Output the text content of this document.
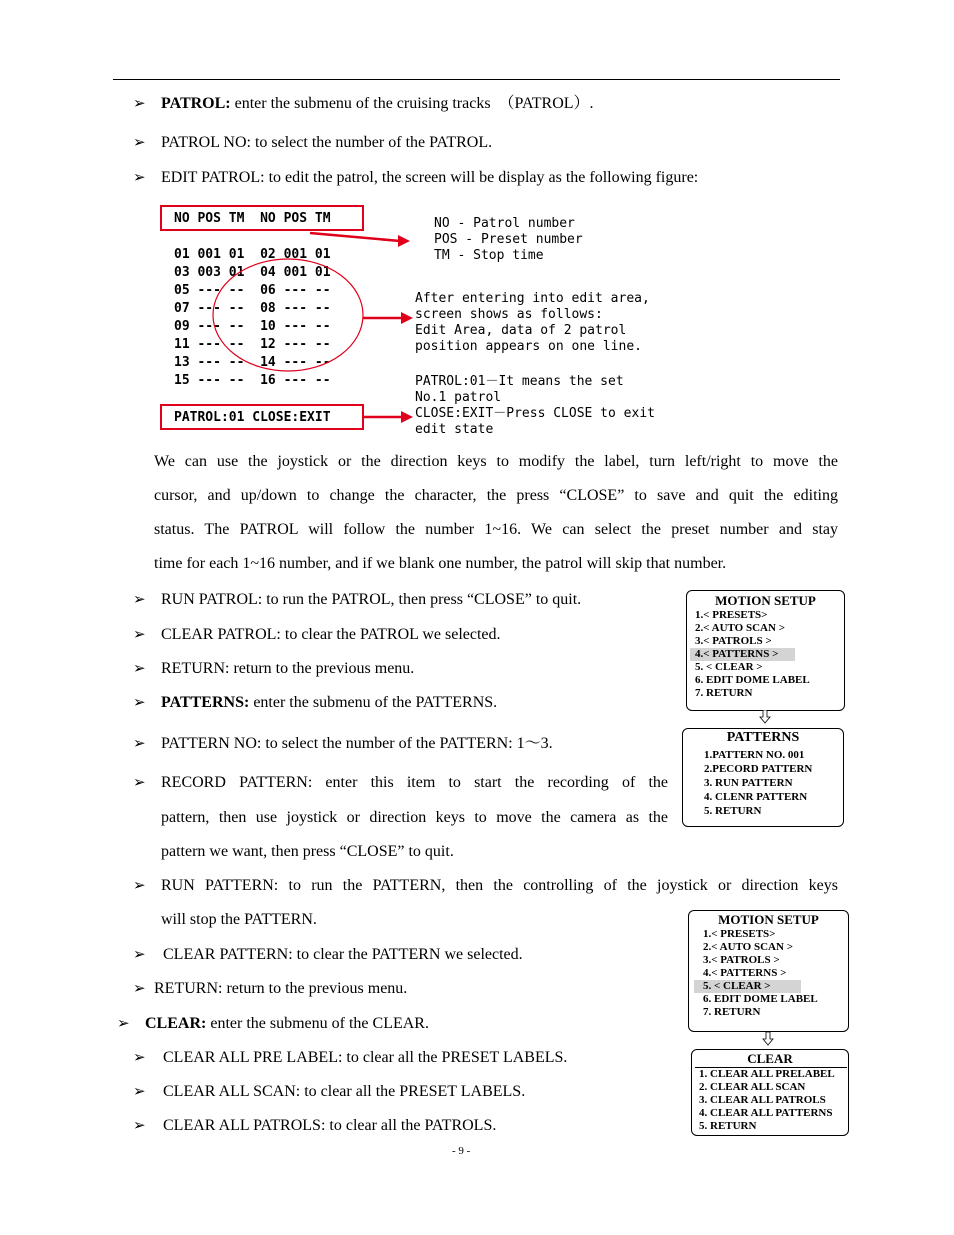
➢ PATROL: enter the submenu of the cruising tracks　（PATROL）.
➢ PATROL NO: to select the number of the PATROL.
➢ EDIT PATROL: to edit the patrol, the screen will be display as the following figure:
NO POS TM  NO POS TM
01 001 01  02 001 01
03 003 01  04 001 01
05 --- --  06 --- --
07 --- --  08 --- --
09 --- --  10 --- --
11 --- --  12 --- --
13 --- --  14 --- --
15 --- --  16 --- --
PATROL:01 CLOSE:EXIT
NO - Patrol number
POS - Preset number
TM - Stop time
After entering into edit area,
screen shows as follows:
Edit Area, data of 2 patrol
position appears on one line.
PATROL:01－It means the set
No.1 patrol
CLOSE:EXIT－Press CLOSE to exit
edit state
We can use the joystick or the direction keys to modify the label, turn left/right to move the
cursor, and up/down to change the character, the press “CLOSE” to save and quit the editing
status. The PATROL will follow the number 1~16. We can select the preset number and stay
time for each 1~16 number, and if we blank one number, the patrol will skip that number.
➢ RUN PATROL: to run the PATROL, then press “CLOSE” to quit.
➢ CLEAR PATROL: to clear the PATROL we selected.
➢ RETURN: return to the previous menu.
➢ PATTERNS: enter the submenu of the PATTERNS.
➢ PATTERN NO: to select the number of the PATTERN: 1～3.
➢ RECORD PATTERN: enter this item to start the recording of the
pattern, then use joystick or direction keys to move the camera as the
pattern we want, then press “CLOSE” to quit.
➢ RUN PATTERN: to run the PATTERN, then the controlling of the joystick or direction keys
will stop the PATTERN.
➢ CLEAR PATTERN: to clear the PATTERN we selected.
➢ RETURN: return to the previous menu.
➢ CLEAR: enter the submenu of the CLEAR.
➢ CLEAR ALL PRE LABEL: to clear all the PRESET LABELS.
➢ CLEAR ALL SCAN: to clear all the PRESET LABELS.
➢ CLEAR ALL PATROLS: to clear all the PATROLS.
MOTION SETUP
1.< PRESETS>
2.< AUTO SCAN >
3.< PATROLS >
4.< PATTERNS >
5. < CLEAR >
6. EDIT DOME LABEL
7. RETURN
PATTERNS
1.PATTERN NO. 001
2.PECORD PATTERN
3. RUN PATTERN
4. CLENR PATTERN
5. RETURN
MOTION SETUP
1.< PRESETS>
2.< AUTO SCAN >
3.< PATROLS >
4.< PATTERNS >
5. < CLEAR >
6. EDIT DOME LABEL
7. RETURN
CLEAR
1. CLEAR ALL PRELABEL
2. CLEAR ALL SCAN
3. CLEAR ALL PATROLS
4. CLEAR ALL PATTERNS
5. RETURN
- 9 -
